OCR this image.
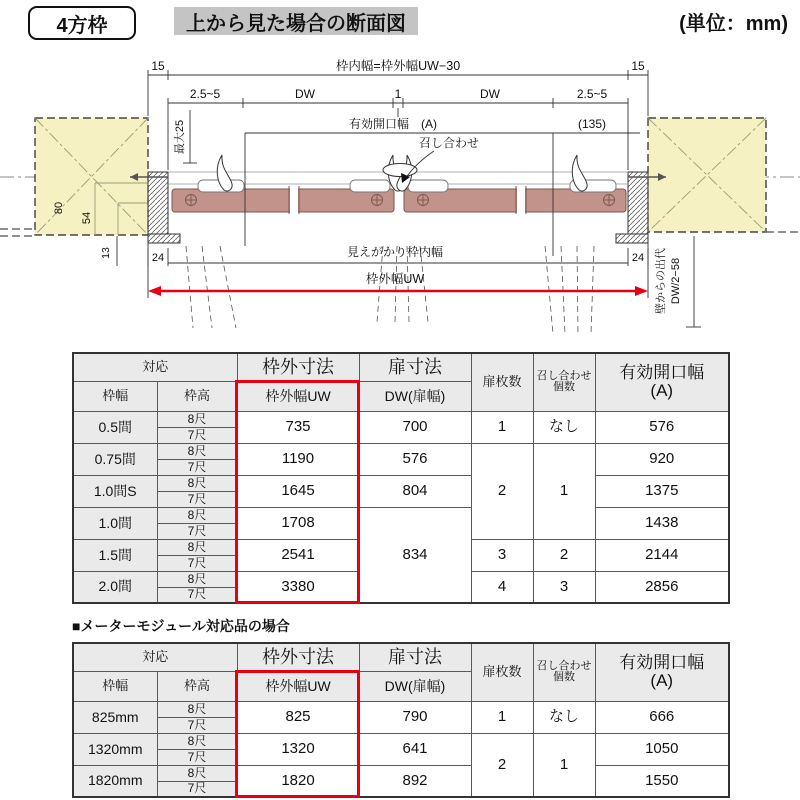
4方枠	上から見た場合の断面図	(単位：mm)
80
54
15	枠内幅=枠外幅UW−30	15
2.5~5	DW	1	DW	2.5~5
最大25	有効開口幅　(A)	(135)
召し合わせ
13	24	24
見えがかり枠内幅
枠外幅UW	壁からの出代 DW/2−58
対応		枠外寸法	扉寸法	扉枚数	召し合わせ
個数	有効開口幅
(A)
枠幅	枠高	枠外幅UW	DW(扉幅)			
0.5間	8尺	735	700	1	なし	576
	7尺					
0.75間	8尺	1190	576	2	1	920
	7尺					
1.0間S	8尺	1645	804			1375
	7尺					
1.0間	8尺	1708	834			1438
	7尺					
1.5間	8尺	2541		3	2	2144
	7尺					
2.0間	8尺	3380		4	3	2856
	7尺					
■メーターモジュール対応品の場合
対応		枠外寸法	扉寸法	扉枚数	召し合わせ
個数	有効開口幅
(A)
枠幅	枠高	枠外幅UW	DW(扉幅)			
825mm	8尺	825	790	1	なし	666
	7尺					
1320mm	8尺	1320	641	2	1	1050
	7尺					
1820mm	8尺	1820	892			1550
	7尺					
